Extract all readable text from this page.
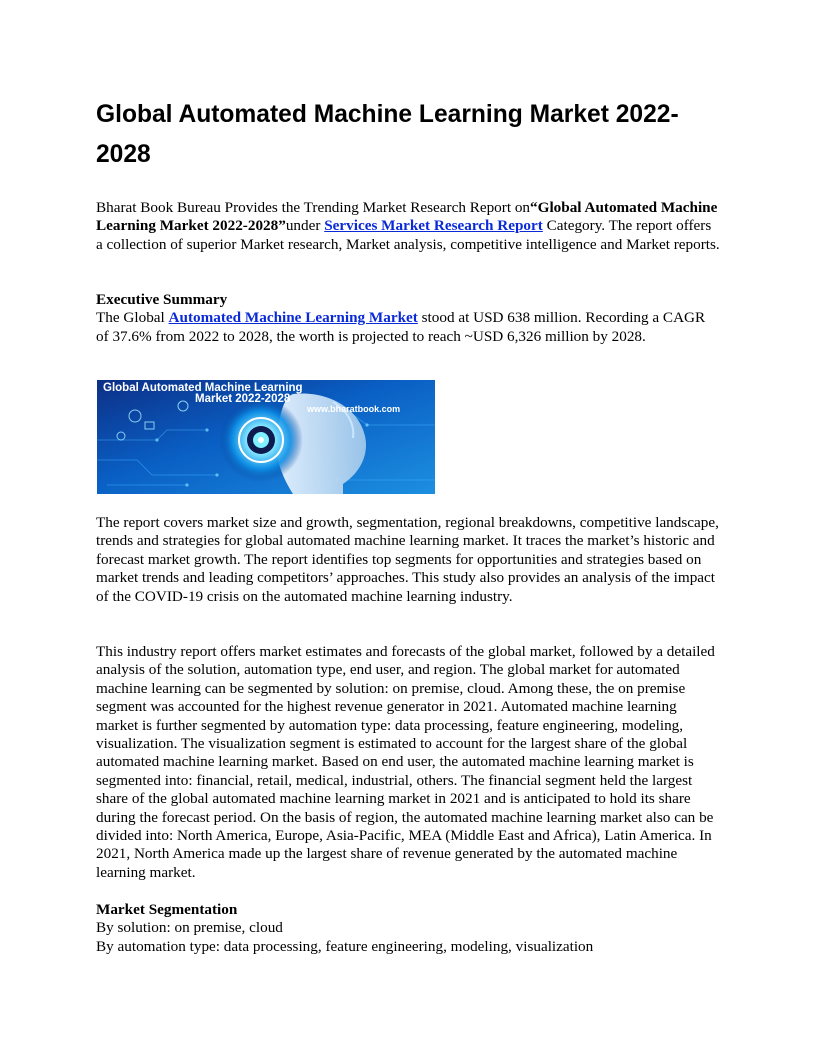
Global Automated Machine Learning Market 2022-2028

Bharat Book Bureau Provides the Trending Market Research Report on“Global Automated Machine Learning Market 2022-2028”under Services Market Research Report Category. The report offers a collection of superior Market research, Market analysis, competitive intelligence and Market reports.

Executive Summary
The Global Automated Machine Learning Market stood at USD 638 million. Recording a CAGR of 37.6% from 2022 to 2028, the worth is projected to reach ~USD 6,326 million by 2028.
Global Automated Machine Learning
Market 2022-2028
www.bharatbook.com

The report covers market size and growth, segmentation, regional breakdowns, competitive landscape, trends and strategies for global automated machine learning market. It traces the market’s historic and forecast market growth. The report identifies top segments for opportunities and strategies based on market trends and leading competitors’ approaches. This study also provides an analysis of the impact of the COVID-19 crisis on the automated machine learning industry.

This industry report offers market estimates and forecasts of the global market, followed by a detailed analysis of the solution, automation type, end user, and region. The global market for automated machine learning can be segmented by solution: on premise, cloud. Among these, the on premise segment was accounted for the highest revenue generator in 2021. Automated machine learning market is further segmented by automation type: data processing, feature engineering, modeling, visualization. The visualization segment is estimated to account for the largest share of the global automated machine learning market. Based on end user, the automated machine learning market is segmented into: financial, retail, medical, industrial, others. The financial segment held the largest share of the global automated machine learning market in 2021 and is anticipated to hold its share during the forecast period. On the basis of region, the automated machine learning market also can be divided into: North America, Europe, Asia-Pacific, MEA (Middle East and Africa), Latin America. In 2021, North America made up the largest share of revenue generated by the automated machine learning market.

Market Segmentation
By solution: on premise, cloud
By automation type: data processing, feature engineering, modeling, visualization
